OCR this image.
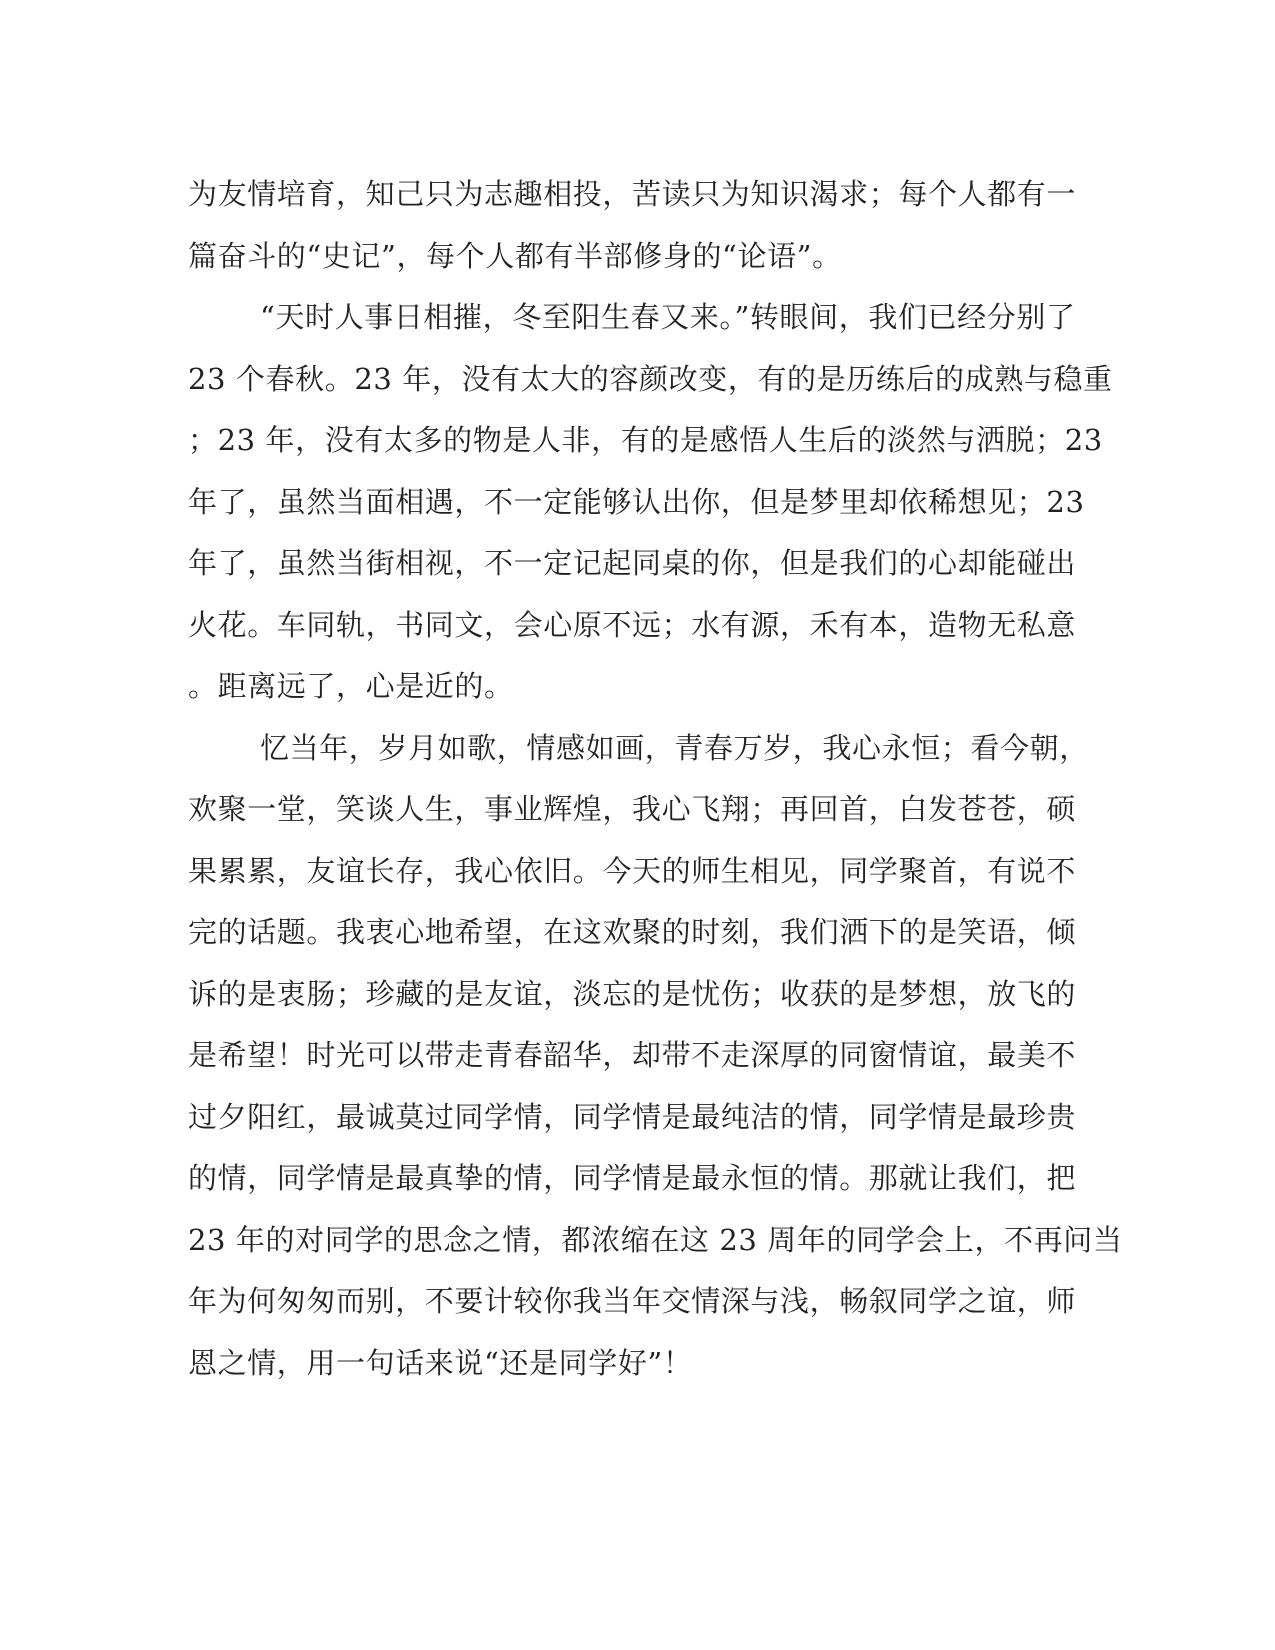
为友情培育，知己只为志趣相投，苦读只为知识渴求；每个人都有一

篇奋斗的“史记”，每个人都有半部修身的“论语”。

“天时人事日相摧，冬至阳生春又来。”转眼间，我们已经分别了

23 个春秋。23 年，没有太大的容颜改变，有的是历练后的成熟与稳重

；23 年，没有太多的物是人非，有的是感悟人生后的淡然与洒脱；23

年了，虽然当面相遇，不一定能够认出你，但是梦里却依稀想见；23

年了，虽然当街相视，不一定记起同桌的你，但是我们的心却能碰出

火花。车同轨，书同文，会心原不远；水有源，禾有本，造物无私意

。距离远了，心是近的。

忆当年，岁月如歌，情感如画，青春万岁，我心永恒；看今朝，

欢聚一堂，笑谈人生，事业辉煌，我心飞翔；再回首，白发苍苍，硕

果累累，友谊长存，我心依旧。今天的师生相见，同学聚首，有说不

完的话题。我衷心地希望，在这欢聚的时刻，我们洒下的是笑语，倾

诉的是衷肠；珍藏的是友谊，淡忘的是忧伤；收获的是梦想，放飞的

是希望！时光可以带走青春韶华，却带不走深厚的同窗情谊，最美不

过夕阳红，最诚莫过同学情，同学情是最纯洁的情，同学情是最珍贵

的情，同学情是最真挚的情，同学情是最永恒的情。那就让我们，把

23 年的对同学的思念之情，都浓缩在这 23 周年的同学会上，不再问当

年为何匆匆而别，不要计较你我当年交情深与浅，畅叙同学之谊，师

恩之情，用一句话来说“还是同学好”！
